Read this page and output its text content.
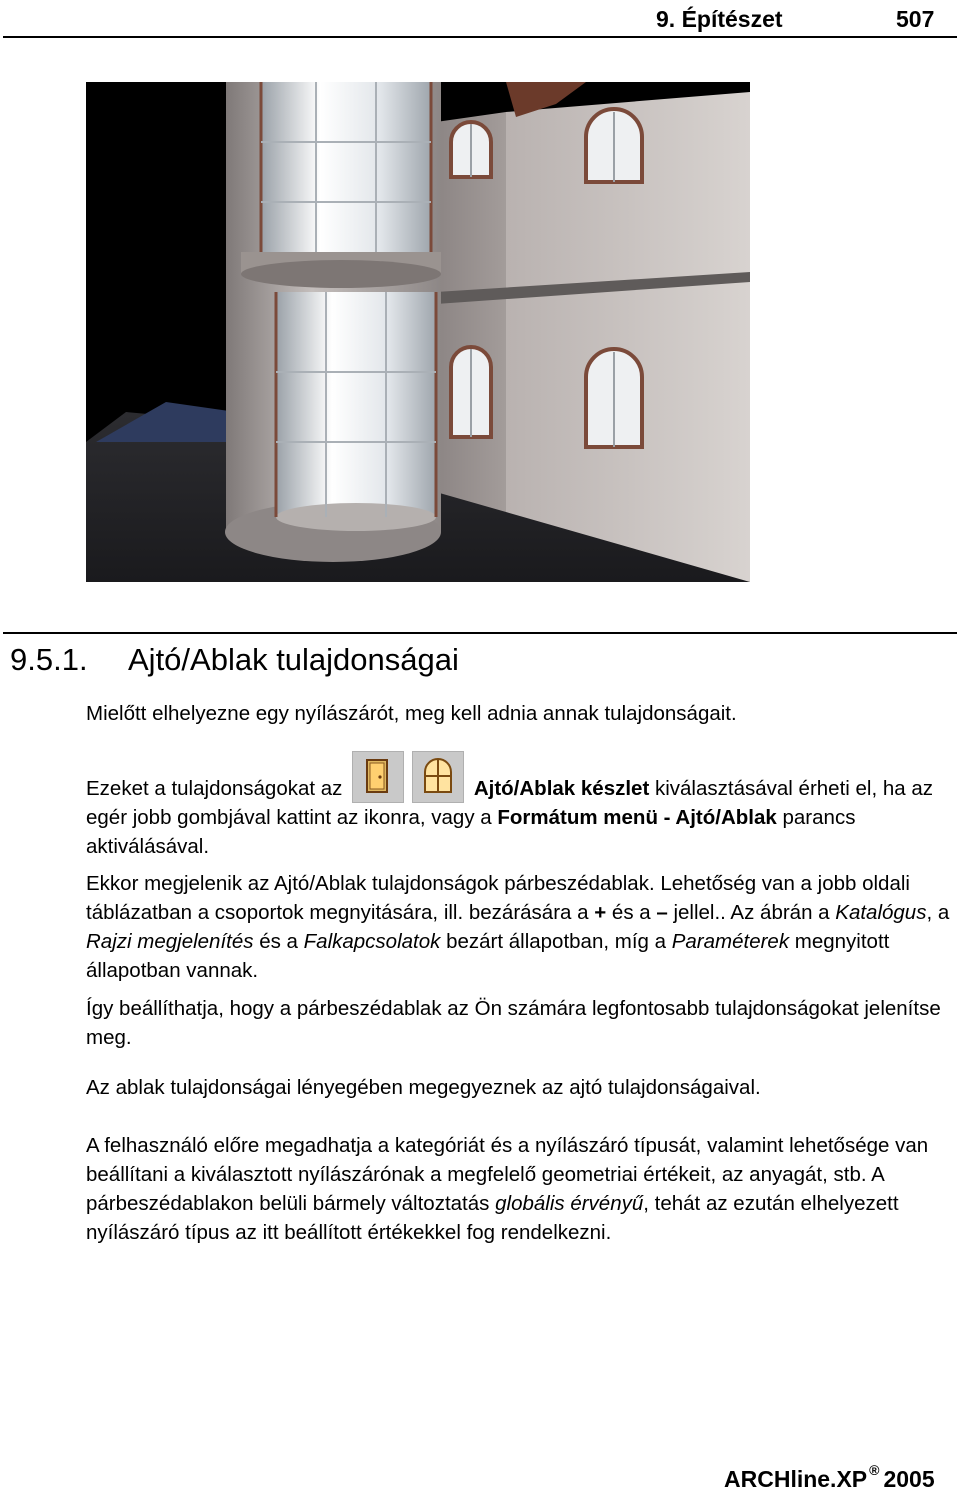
9. Építészet	507
9.5.1. Ajtó/Ablak tulajdonságai

Mielőtt elhelyezne egy nyílászárót, meg kell adnia annak tulajdonságait.

Ezeket a tulajdonságokat az	Ajtó/Ablak készlet kiválasztásával érheti el, ha az egér jobb gombjával kattint az ikonra, vagy a Formátum menü - Ajtó/Ablak parancs aktiválásával.

Ekkor megjelenik az Ajtó/Ablak tulajdonságok párbeszédablak. Lehetőség van a jobb oldali táblázatban a csoportok megnyitására, ill. bezárására a + és a – jellel.. Az ábrán a Katalógus, a Rajzi megjelenítés és a Falkapcsolatok bezárt állapotban, míg a Paraméterek megnyitott állapotban vannak.

Így beállíthatja, hogy a párbeszédablak az Ön számára legfontosabb tulajdonságokat jelenítse meg.

Az ablak tulajdonságai lényegében megegyeznek az ajtó tulajdonságaival.

A felhasználó előre megadhatja a kategóriát és a nyílászáró típusát, valamint lehetősége van beállítani a kiválasztott nyílászárónak a megfelelő geometriai értékeit, az anyagát, stb. A párbeszédablakon belüli bármely változtatás globális érvényű, tehát az ezután elhelyezett nyílászáró típus az itt beállított értékekkel fog rendelkezni.

ARCHline.XP ® 2005
